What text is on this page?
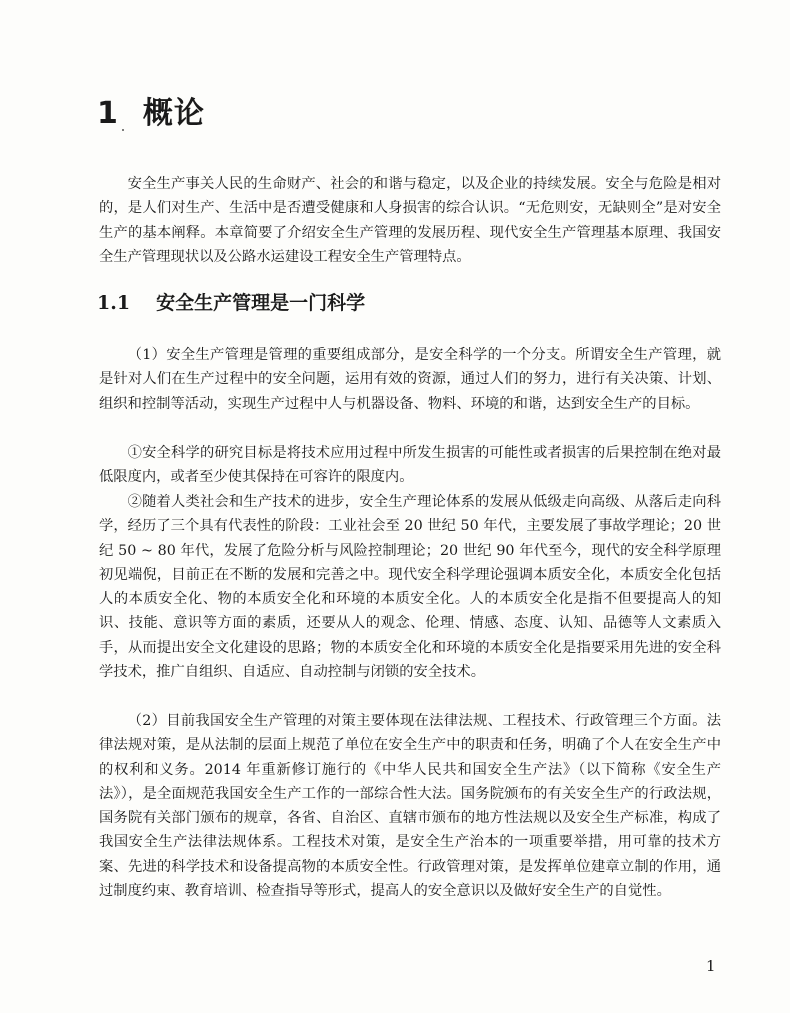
1 概论

安全生产事关人民的生命财产、社会的和谐与稳定，以及企业的持续发展。安全与危险是相对的，是人们对生产、生活中是否遭受健康和人身损害的综合认识。“无危则安，无缺则全”是对安全生产的基本阐释。本章简要了介绍安全生产管理的发展历程、现代安全生产管理基本原理、我国安全生产管理现状以及公路水运建设工程安全生产管理特点。

1.1 安全生产管理是一门科学

（1）安全生产管理是管理的重要组成部分，是安全科学的一个分支。所谓安全生产管理，就是针对人们在生产过程中的安全问题，运用有效的资源，通过人们的努力，进行有关决策、计划、组织和控制等活动，实现生产过程中人与机器设备、物料、环境的和谐，达到安全生产的目标。

①安全科学的研究目标是将技术应用过程中所发生损害的可能性或者损害的后果控制在绝对最低限度内，或者至少使其保持在可容许的限度内。

②随着人类社会和生产技术的进步，安全生产理论体系的发展从低级走向高级、从落后走向科学，经历了三个具有代表性的阶段：工业社会至 20 世纪 50 年代，主要发展了事故学理论；20 世纪 50 ~ 80 年代，发展了危险分析与风险控制理论；20 世纪 90 年代至今，现代的安全科学原理初见端倪，目前正在不断的发展和完善之中。现代安全科学理论强调本质安全化，本质安全化包括人的本质安全化、物的本质安全化和环境的本质安全化。人的本质安全化是指不但要提高人的知识、技能、意识等方面的素质，还要从人的观念、伦理、情感、态度、认知、品德等人文素质入手，从而提出安全文化建设的思路；物的本质安全化和环境的本质安全化是指要采用先进的安全科学技术，推广自组织、自适应、自动控制与闭锁的安全技术。

（2）目前我国安全生产管理的对策主要体现在法律法规、工程技术、行政管理三个方面。法律法规对策，是从法制的层面上规范了单位在安全生产中的职责和任务，明确了个人在安全生产中的权利和义务。2014 年重新修订施行的《中华人民共和国安全生产法》（以下简称《安全生产法》），是全面规范我国安全生产工作的一部综合性大法。国务院颁布的有关安全生产的行政法规，国务院有关部门颁布的规章，各省、自治区、直辖市颁布的地方性法规以及安全生产标准，构成了我国安全生产法律法规体系。工程技术对策，是安全生产治本的一项重要举措，用可靠的技术方案、先进的科学技术和设备提高物的本质安全性。行政管理对策，是发挥单位建章立制的作用，通过制度约束、教育培训、检查指导等形式，提高人的安全意识以及做好安全生产的自觉性。

1
